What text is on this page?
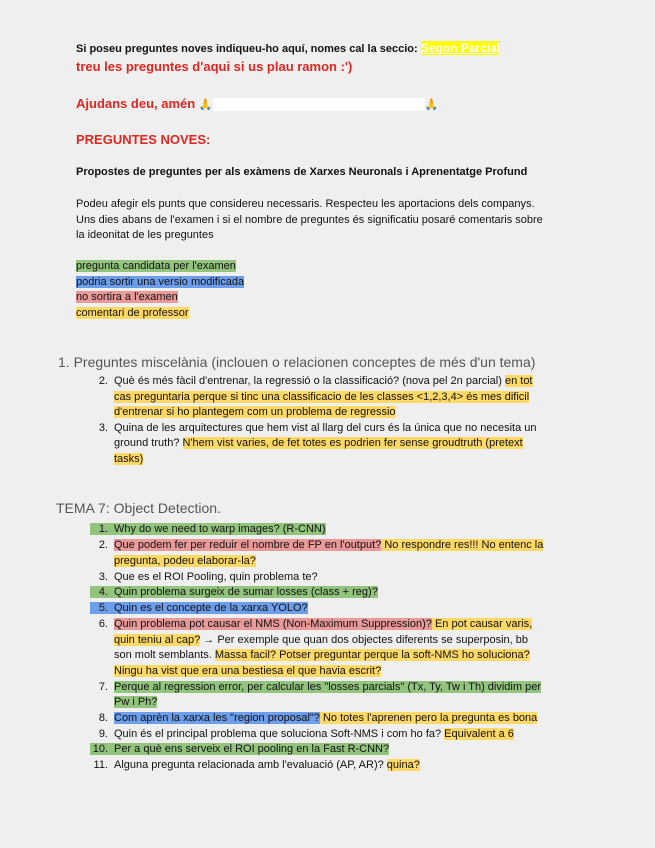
Si poseu preguntes noves indiqueu-ho aquí, nomes cal la seccio: Segon Parcial
treu les preguntes d'aqui si us plau ramon :')
Ajudans deu, amén 🙏	🙏
PREGUNTES NOVES:
Propostes de preguntes per als exàmens de Xarxes Neuronals i Aprenentatge Profund
Podeu afegir els punts que considereu necessaris. Respecteu les aportacions dels companys.
Uns dies abans de l'examen i si el nombre de preguntes és significatiu posaré comentaris sobre
la ideonitat de les preguntes
pregunta candidata per l'examen
podria sortir una versio modificada
no sortira a l'examen
comentari de professor
1. Preguntes miscelània (inclouen o relacionen conceptes de més d'un tema)
2. Què és més fàcil d'entrenar, la regressió o la classificació? (nova pel 2n parcial) en tot
cas preguntaria perque si tinc una classificacio de les classes <1,2,3,4> és mes dificil
d'entrenar si ho plantegem com un problema de regressio
3. Quina de les arquitectures que hem vist al llarg del curs és la única que no necesita un
ground truth? N'hem vist varies, de fet totes es podrien fer sense groudtruth (pretext
tasks)
TEMA 7: Object Detection.
1. Why do we need to warp images? (R-CNN)
2. Que podem fer per reduir el nombre de FP en l'output? No respondre res!!! No entenc la
pregunta, podeu elaborar-la?
3. Que es el ROI Pooling, quin problema te?
4. Quin problema surgeix de sumar losses (class + reg)?
5. Quin es el concepte de la xarxa YOLO?
6. Quin problema pot causar el NMS (Non-Maximum Suppression)? En pot causar varis,
quin teniu al cap? → Per exemple que quan dos objectes diferents se superposin, bb
son molt semblants. Massa facil? Potser preguntar perque la soft-NMS ho soluciona?
Ningu ha vist que era una bestiesa el que havia escrit?
7. Perque al regression error, per calcular les "losses parcials" (Tx, Ty, Tw i Th) dividim per
Pw i Ph?
8. Com aprèn la xarxa les "region proposal"? No totes l'aprenen pero la pregunta es bona
9. Quin és el principal problema que soluciona Soft-NMS i com ho fa? Equivalent a 6
10. Per a què ens serveix el ROI pooling en la Fast R-CNN?
11. Alguna pregunta relacionada amb l'evaluació (AP, AR)? quina?
